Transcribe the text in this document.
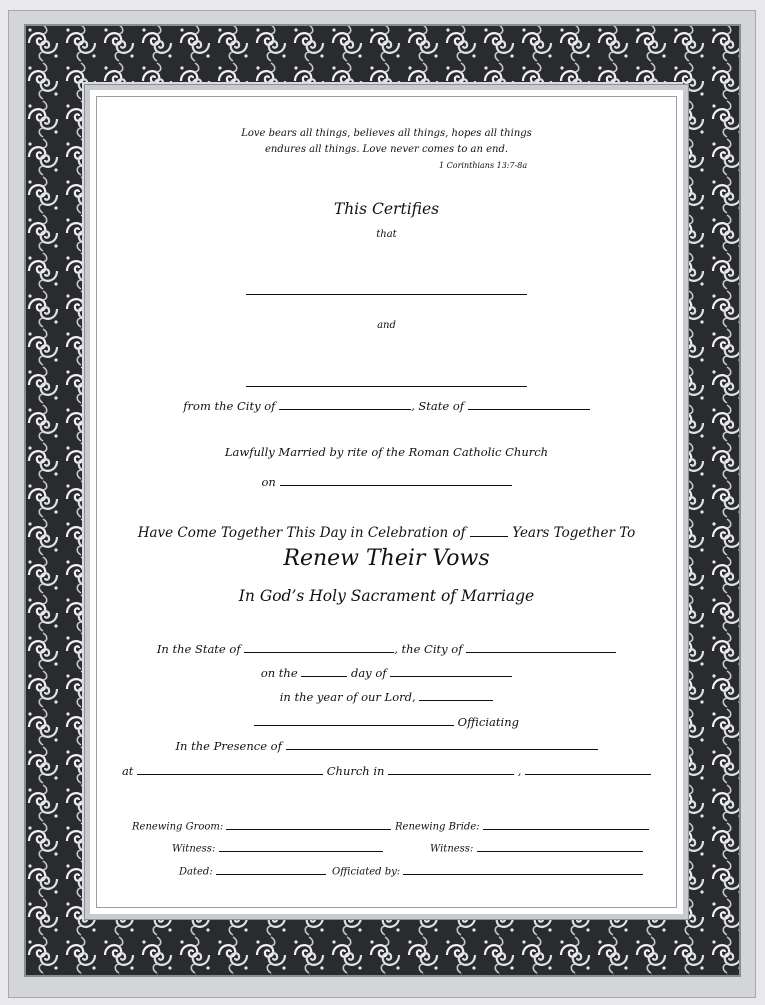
Love bears all things, believes all things, hopes all things

endures all things. Love never comes to an end.

1 Corinthians 13:7-8a

This Certifies

that

and

from the City of	, State of

Lawfully Married by rite of the Roman Catholic Church

on

Have Come Together This Day in Celebration of	Years Together To

Renew Their Vows

In God’s Holy Sacrament of Marriage

In the State of	, the City of

on the	day of

in the year of our Lord,

Officiating

In the Presence of

at	Church in	,

Renewing Groom:	Renewing Bride:

Witness:	Witness:

Dated:	Officiated by:
